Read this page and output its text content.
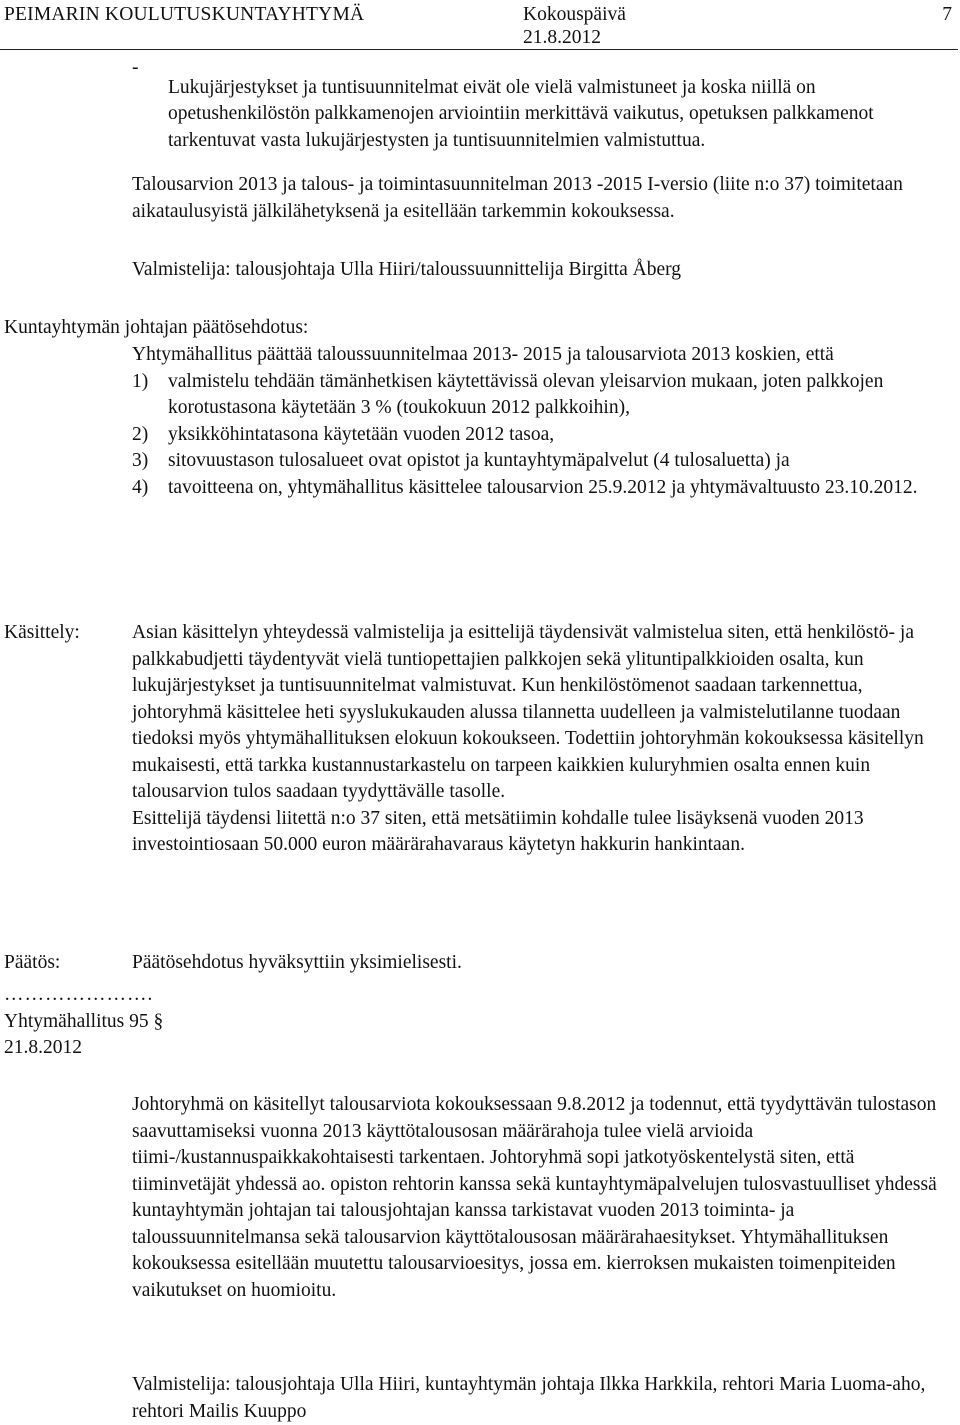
PEIMARIN KOULUTUSKUNTAYHTYMÄ	Kokouspäivä
21.8.2012
7
-

Lukujärjestykset ja tuntisuunnitelmat eivät ole vielä valmistuneet ja koska niillä on opetushenkilöstön palkkamenojen arviointiin merkittävä vaikutus, opetuksen palkkamenot tarkentuvat vasta lukujärjestysten ja tuntisuunnitelmien valmistuttua.

Talousarvion 2013 ja talous- ja toimintasuunnitelman 2013 -2015 I-versio (liite n:o 37) toimitetaan aikataulusyistä jälkilähetyksenä ja esitellään tarkemmin kokouksessa.

Valmistelija: talousjohtaja Ulla Hiiri/taloussuunnittelija Birgitta Åberg

Kuntayhtymän johtajan päätösehdotus:

Yhtymähallitus päättää taloussuunnitelmaa 2013- 2015 ja talousarviota 2013 koskien, että

1) valmistelu tehdään tämänhetkisen käytettävissä olevan yleisarvion mukaan, joten palkkojen korotustasona käytetään 3 % (toukokuun 2012 palkkoihin),
2) yksikköhintatasona käytetään vuoden 2012 tasoa,
3) sitovuustason tulosalueet ovat opistot ja kuntayhtymäpalvelut (4 tulosaluetta) ja
4) tavoitteena on, yhtymähallitus käsittelee talousarvion 25.9.2012 ja yhtymävaltuusto 23.10.2012.
Käsittely:	Asian käsittelyn yhteydessä valmistelija ja esittelijä täydensivät valmistelua siten, että henkilöstö- ja palkkabudjetti täydentyvät vielä tuntiopettajien palkkojen sekä ylituntipalkkioiden osalta, kun lukujärjestykset ja tuntisuunnitelmat valmistuvat. Kun henkilöstömenot saadaan tarkennettua, johtoryhmä käsittelee heti syyslukukauden alussa tilannetta uudelleen ja valmistelutilanne tuodaan tiedoksi myös yhtymähallituksen elokuun kokoukseen. Todettiin johtoryhmän kokouksessa käsitellyn mukaisesti, että tarkka kustannustarkastelu on tarpeen kaikkien kuluryhmien osalta ennen kuin talousarvion tulos saadaan tyydyttävälle tasolle.

Esittelijä täydensi liitettä n:o 37 siten, että metsätiimin kohdalle tulee lisäyksenä vuoden 2013 investointiosaan 50.000 euron määrärahavaraus käytetyn hakkurin hankintaan.

Päätös:	Päätösehdotus hyväksyttiin yksimielisesti.

………………….
Yhtymähallitus 95 §
21.8.2012

Johtoryhmä on käsitellyt talousarviota kokouksessaan 9.8.2012 ja todennut, että tyydyttävän tulostason saavuttamiseksi vuonna 2013 käyttötalousosan määrärahoja tulee vielä arvioida tiimi-/kustannuspaikkakohtaisesti tarkentaen. Johtoryhmä sopi jatkotyöskentelystä siten, että tiiminvetäjät yhdessä ao. opiston rehtorin kanssa sekä kuntayhtymäpalvelujen tulosvastuulliset yhdessä kuntayhtymän johtajan tai talousjohtajan kanssa tarkistavat vuoden 2013 toiminta- ja taloussuunnitelmansa sekä talousarvion käyttötalousosan määrärahaesitykset. Yhtymähallituksen kokouksessa esitellään muutettu talousarvioesitys, jossa em. kierroksen mukaisten toimenpiteiden vaikutukset on huomioitu.

Valmistelija: talousjohtaja Ulla Hiiri, kuntayhtymän johtaja Ilkka Harkkila, rehtori Maria Luoma-aho, rehtori Mailis Kuuppo
